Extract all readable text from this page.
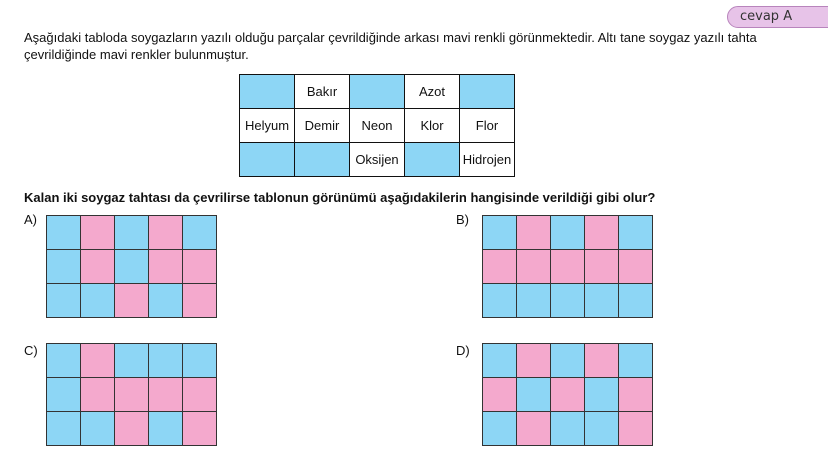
cevap A

Aşağıdaki tabloda soygazların yazılı olduğu parçalar çevrildiğinde arkası mavi renkli görünmektedir. Altı tane soygaz yazılı tahta çevrildiğinde mavi renkler bulunmuştur.

	Bakır		Azot	
Helyum	Demir	Neon	Klor	Flor
		Oksijen		Hidrojen

Kalan iki soygaz tahtası da çevrilirse tablonun görünümü aşağıdakilerin hangisinde verildiği gibi olur?

A)

					B)

C)

					D)
